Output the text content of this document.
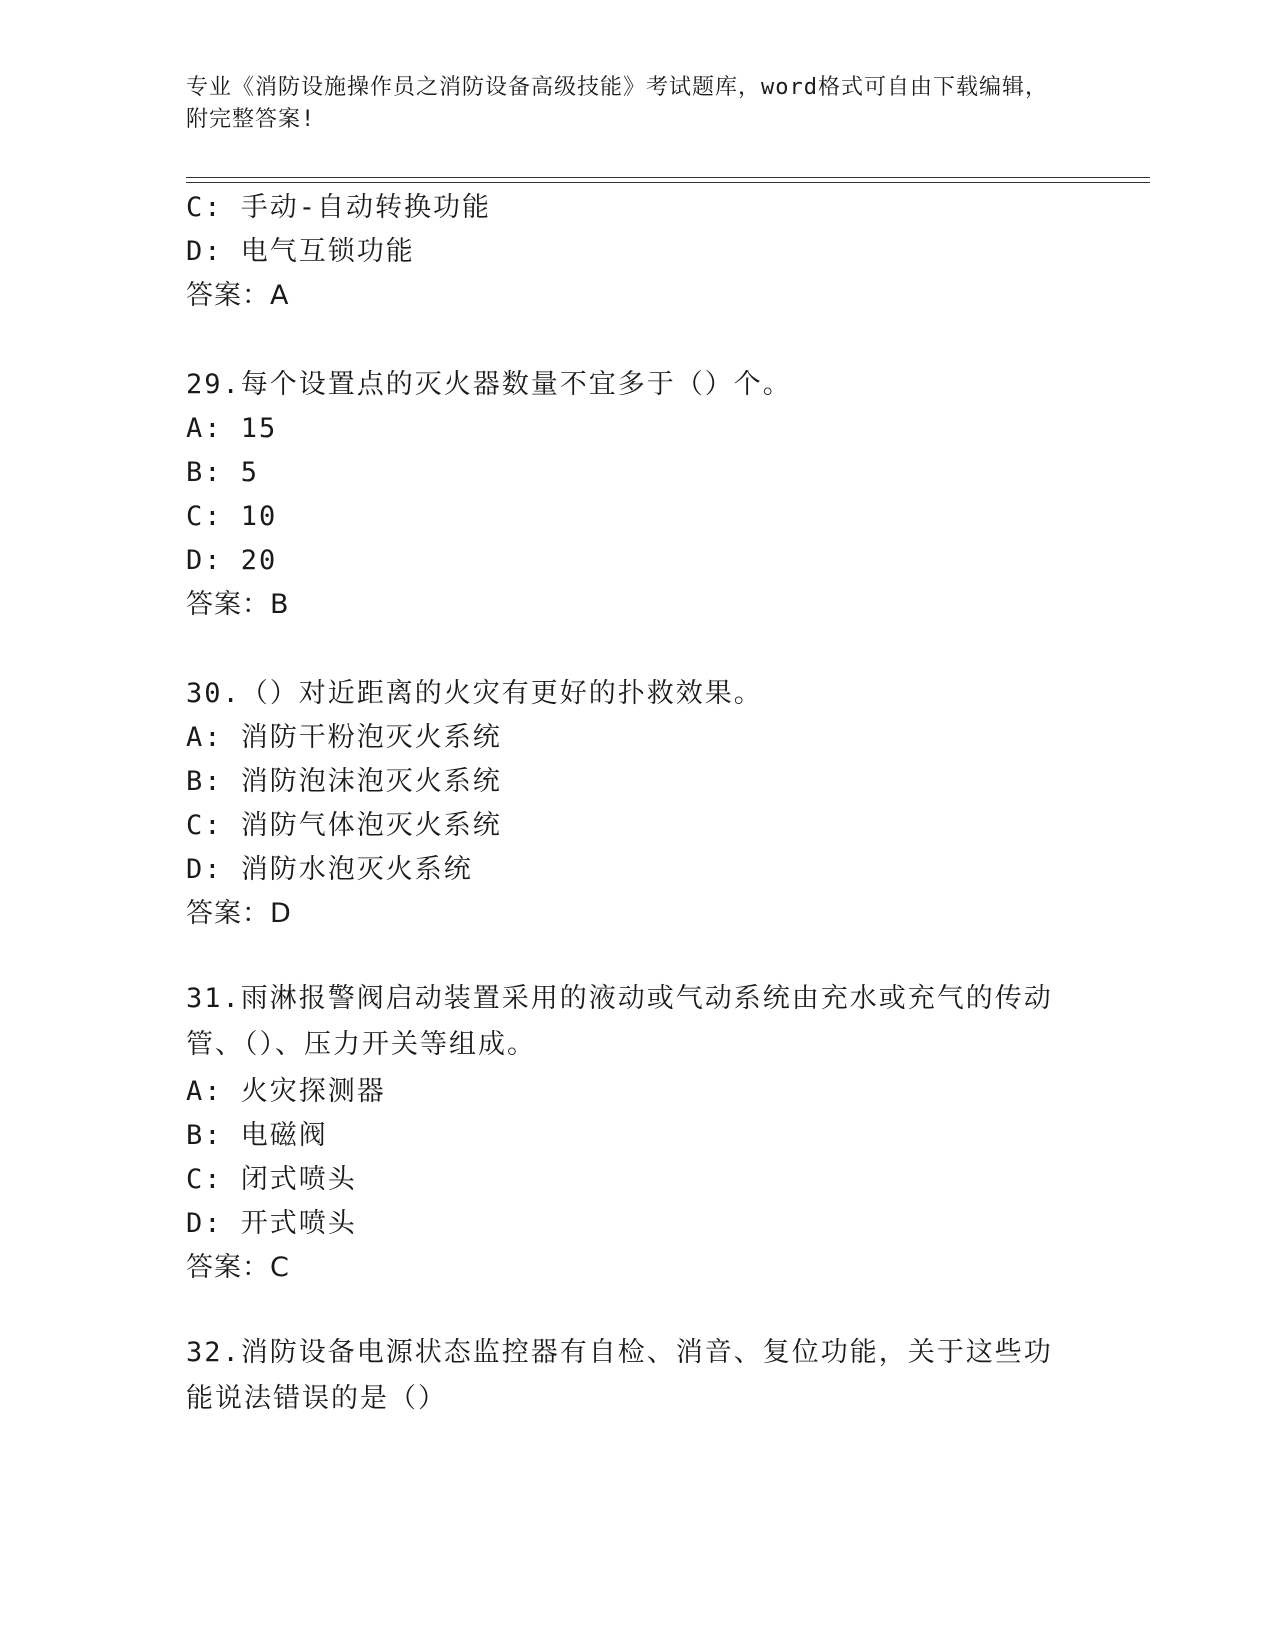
专业《消防设施操作员之消防设备高级技能》考试题库，word格式可自由下载编辑，附完整答案!
C: 手动-自动转换功能
D: 电气互锁功能
答案：A
29.每个设置点的灭火器数量不宜多于（）个。
A: 15
B: 5
C: 10
D: 20
答案：B
30.（）对近距离的火灾有更好的扑救效果。
A: 消防干粉泡灭火系统
B: 消防泡沫泡灭火系统
C: 消防气体泡灭火系统
D: 消防水泡灭火系统
答案：D
31.雨淋报警阀启动装置采用的液动或气动系统由充水或充气的传动管、（）、压力开关等组成。
A: 火灾探测器
B: 电磁阀
C: 闭式喷头
D: 开式喷头
答案：C
32.消防设备电源状态监控器有自检、消音、复位功能，关于这些功能说法错误的是（）
